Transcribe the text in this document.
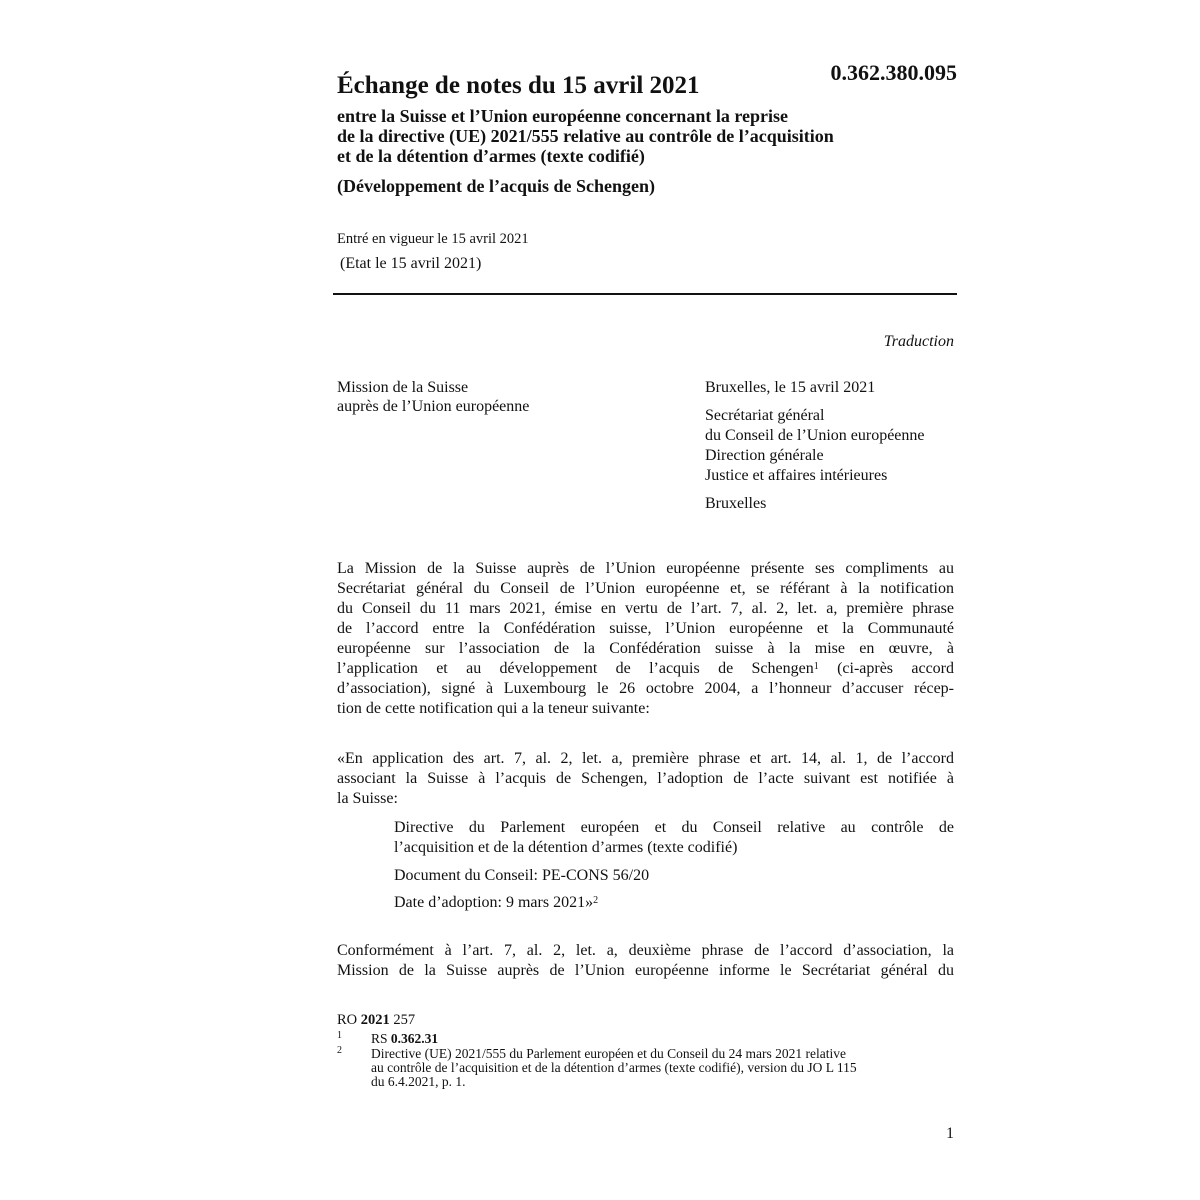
Échange de notes du 15 avril 2021	0.362.380.095
entre la Suisse et l’Union européenne concernant la reprise
de la directive (UE) 2021/555 relative au contrôle de l’acquisition
et de la détention d’armes (texte codifié)
(Développement de l’acquis de Schengen)
Entré en vigueur le 15 avril 2021
(Etat le 15 avril 2021)
Traduction
Mission de la Suisse
auprès de l’Union européenne
Bruxelles, le 15 avril 2021
Secrétariat général
du Conseil de l’Union européenne
Direction générale
Justice et affaires intérieures
Bruxelles
La Mission de la Suisse auprès de l’Union européenne présente ses compliments au
Secrétariat général du Conseil de l’Union européenne et, se référant à la notification
du Conseil du 11 mars 2021, émise en vertu de l’art. 7, al. 2, let. a, première phrase
de l’accord entre la Confédération suisse, l’Union européenne et la Communauté
européenne sur l’association de la Confédération suisse à la mise en œuvre, à
l’application et au développement de l’acquis de Schengen$^1$ (ci-après accord
d’association), signé à Luxembourg le 26 octobre 2004, a l’honneur d’accuser récep-
tion de cette notification qui a la teneur suivante:
«En application des art. 7, al. 2, let. a, première phrase et art. 14, al. 1, de l’accord
associant la Suisse à l’acquis de Schengen, l’adoption de l’acte suivant est notifiée à
la Suisse:
Directive du Parlement européen et du Conseil relative au contrôle de
l’acquisition et de la détention d’armes (texte codifié)
Document du Conseil: PE-CONS 56/20
Date d’adoption: 9 mars 2021»$^2$
Conformément à l’art. 7, al. 2, let. a, deuxième phrase de l’accord d’association, la
Mission de la Suisse auprès de l’Union européenne informe le Secrétariat général du
RO 2021 257
1 RS 0.362.31
2 Directive (UE) 2021/555 du Parlement européen et du Conseil du 24 mars 2021 relative
au contrôle de l’acquisition et de la détention d’armes (texte codifié), version du JO L 115
du 6.4.2021, p. 1.
1
